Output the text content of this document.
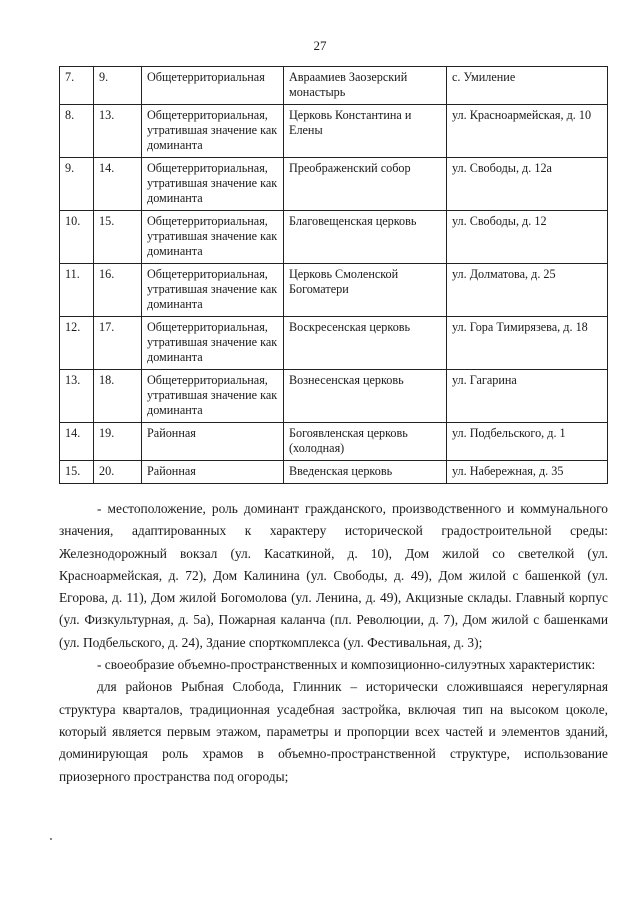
27
7.	9.	Общетерриториальная	Авраамиев Заозерский монастырь	с. Умиление
8.	13.	Общетерриториальная, утратившая значение как доминанта	Церковь Константина и Елены	ул. Красноармейская, д. 10
9.	14.	Общетерриториальная, утратившая значение как доминанта	Преображенский собор	ул. Свободы, д. 12а
10.	15.	Общетерриториальная, утратившая значение как доминанта	Благовещенская церковь	ул. Свободы, д. 12
11.	16.	Общетерриториальная, утратившая значение как доминанта	Церковь Смоленской Богоматери	ул. Долматова, д. 25
12.	17.	Общетерриториальная, утратившая значение как доминанта	Воскресенская церковь	ул. Гора Тимирязева, д. 18
13.	18.	Общетерриториальная, утратившая значение как доминанта	Вознесенская церковь	ул. Гагарина
14.	19.	Районная	Богоявленская церковь (холодная)	ул. Подбельского, д. 1
15.	20.	Районная	Введенская церковь	ул. Набережная, д. 35

- местоположение, роль доминант гражданского, производственного и коммунального значения, адаптированных к характеру исторической градостроительной среды: Железнодорожный вокзал (ул. Касаткиной, д. 10), Дом жилой со светелкой (ул. Красноармейская, д. 72), Дом Калинина (ул. Свободы, д. 49), Дом жилой с башенкой (ул. Егорова, д. 11), Дом жилой Богомолова (ул. Ленина, д. 49), Акцизные склады. Главный корпус (ул. Физкультурная, д. 5а), Пожарная каланча (пл. Революции, д. 7), Дом жилой с башенками (ул. Подбельского, д. 24), Здание спорткомплекса (ул. Фестивальная, д. 3);

- своеобразие объемно-пространственных и композиционно-силуэтных характеристик:

для районов Рыбная Слобода, Глинник – исторически сложившаяся нерегулярная структура кварталов, традиционная усадебная застройка, включая тип на высоком цоколе, который является первым этажом, параметры и пропорции всех частей и элементов зданий, доминирующая роль храмов в объемно-пространственной структуре, использование приозерного пространства под огороды;
